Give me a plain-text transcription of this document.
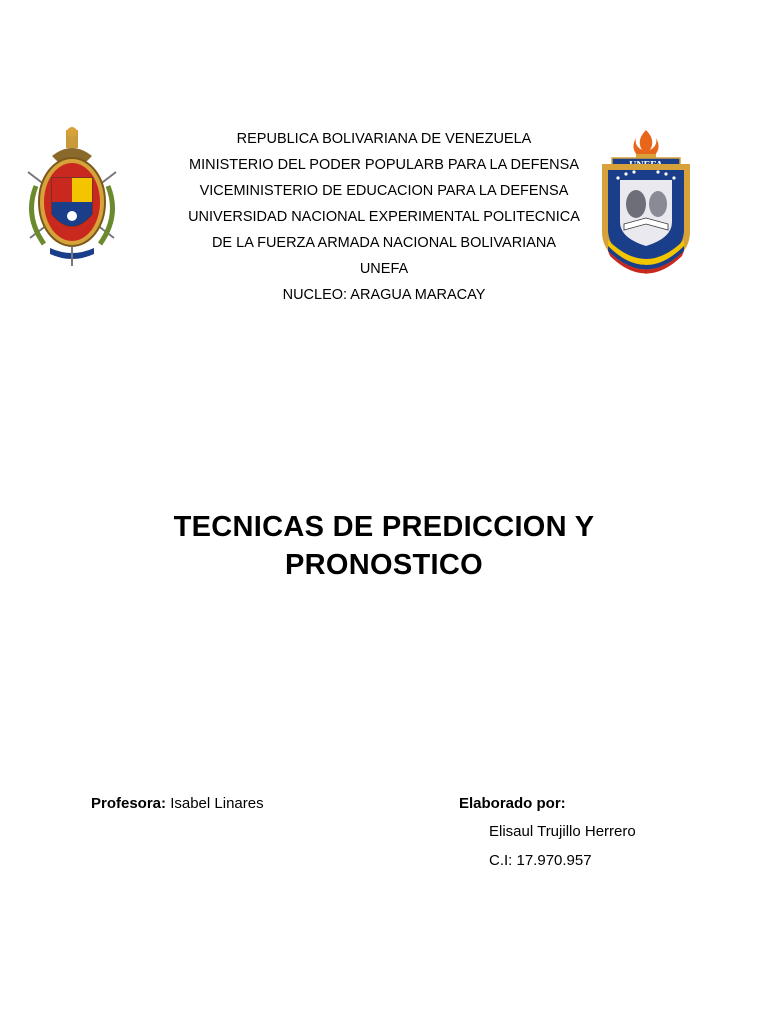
REPUBLICA BOLIVARIANA DE VENEZUELA
MINISTERIO DEL PODER POPULARB PARA LA DEFENSA
VICEMINISTERIO DE EDUCACION PARA LA DEFENSA
UNIVERSIDAD NACIONAL EXPERIMENTAL POLITECNICA
DE LA FUERZA ARMADA NACIONAL BOLIVARIANA
UNEFA
NUCLEO: ARAGUA MARACAY
TECNICAS DE PREDICCION Y
PRONOSTICO
Profesora: Isabel Linares	Elaborado por:
Elisaul Trujillo Herrero
C.I: 17.970.957
